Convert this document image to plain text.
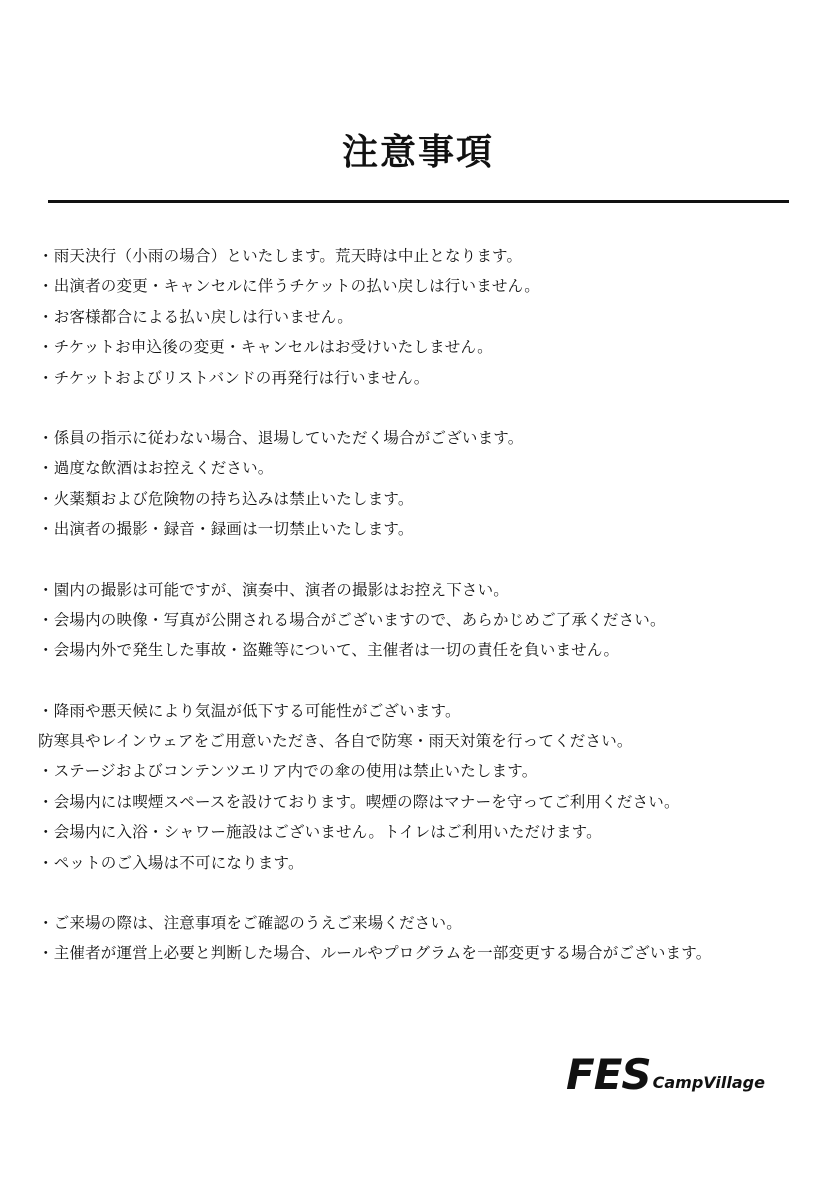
注意事項
・雨天決行（小雨の場合）といたします。荒天時は中止となります。
・出演者の変更・キャンセルに伴うチケットの払い戻しは行いません。
・お客様都合による払い戻しは行いません。
・チケットお申込後の変更・キャンセルはお受けいたしません。
・チケットおよびリストバンドの再発行は行いません。
・係員の指示に従わない場合、退場していただく場合がございます。
・過度な飲酒はお控えください。
・火薬類および危険物の持ち込みは禁止いたします。
・出演者の撮影・録音・録画は一切禁止いたします。
・園内の撮影は可能ですが、演奏中、演者の撮影はお控え下さい。
・会場内の映像・写真が公開される場合がございますので、あらかじめご了承ください。
・会場内外で発生した事故・盗難等について、主催者は一切の責任を負いません。
・降雨や悪天候により気温が低下する可能性がございます。
防寒具やレインウェアをご用意いただき、各自で防寒・雨天対策を行ってください。
・ステージおよびコンテンツエリア内での傘の使用は禁止いたします。
・会場内には喫煙スペースを設けております。喫煙の際はマナーを守ってご利用ください。
・会場内に入浴・シャワー施設はございません。トイレはご利用いただけます。
・ペットのご入場は不可になります。
・ご来場の際は、注意事項をご確認のうえご来場ください。
・主催者が運営上必要と判断した場合、ルールやプログラムを一部変更する場合がございます。
FES CampVillage
